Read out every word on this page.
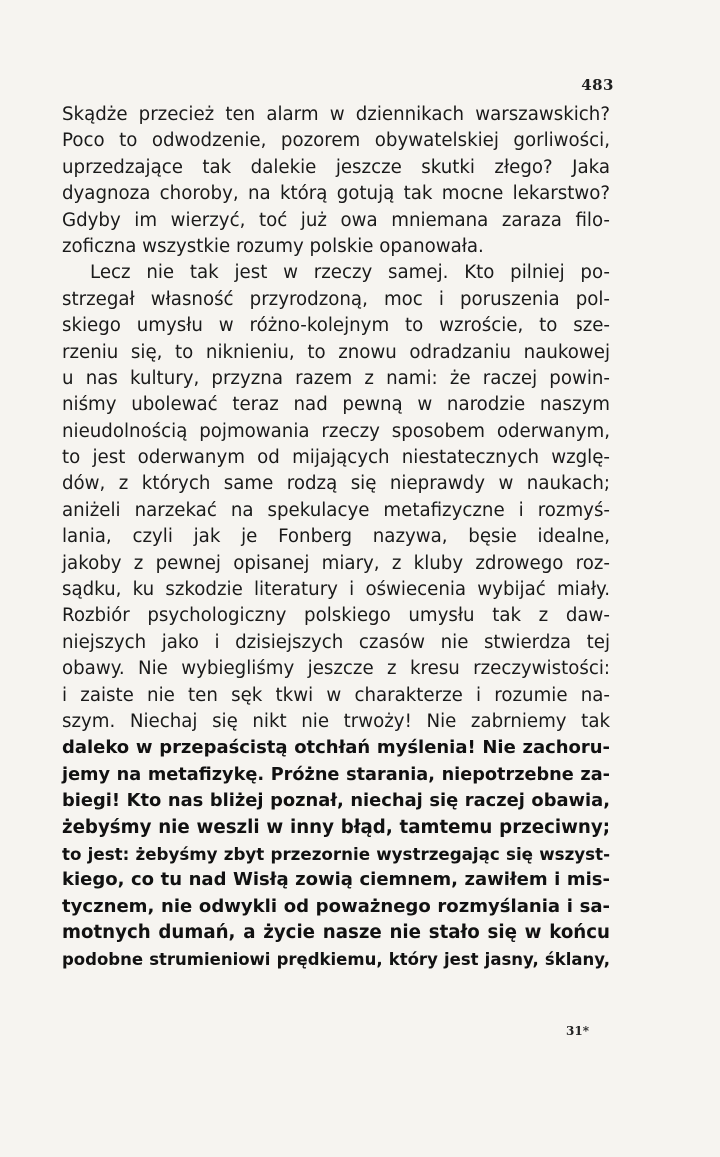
483
Skądże przecież ten alarm w dziennikach warszawskich?
Poco to odwodzenie, pozorem obywatelskiej gorliwości,
uprzedzające tak dalekie jeszcze skutki złego? Jaka
dyagnoza choroby, na którą gotują tak mocne lekarstwo?
Gdyby im wierzyć, toć już owa mniemana zaraza filo-
zoficzna wszystkie rozumy polskie opanowała.
Lecz nie tak jest w rzeczy samej. Kto pilniej po-
strzegał własność przyrodzoną, moc i poruszenia pol-
skiego umysłu w różno-kolejnym to wzroście, to sze-
rzeniu się, to niknieniu, to znowu odradzaniu naukowej
u nas kultury, przyzna razem z nami: że raczej powin-
niśmy ubolewać teraz nad pewną w narodzie naszym
nieudolnością pojmowania rzeczy sposobem oderwanym,
to jest oderwanym od mijających niestatecznych wzglę-
dów, z których same rodzą się nieprawdy w naukach;
aniżeli narzekać na spekulacye metafizyczne i rozmyś-
lania, czyli jak je Fonberg nazywa, bęsie idealne,
jakoby z pewnej opisanej miary, z kluby zdrowego roz-
sądku, ku szkodzie literatury i oświecenia wybijać miały.
Rozbiór psychologiczny polskiego umysłu tak z daw-
niejszych jako i dzisiejszych czasów nie stwierdza tej
obawy. Nie wybiegliśmy jeszcze z kresu rzeczywistości:
i zaiste nie ten sęk tkwi w charakterze i rozumie na-
szym. Niechaj się nikt nie trwoży! Nie zabrniemy tak
daleko w przepaścistą otchłań myślenia! Nie zachoru-
jemy na metafizykę. Próżne starania, niepotrzebne za-
biegi! Kto nas bliżej poznał, niechaj się raczej obawia,
żebyśmy nie weszli w inny błąd, tamtemu przeciwny;
to jest: żebyśmy zbyt przezornie wystrzegając się wszyst-
kiego, co tu nad Wisłą zowią ciemnem, zawiłem i mis-
tycznem, nie odwykli od poważnego rozmyślania i sa-
motnych dumań, a życie nasze nie stało się w końcu
podobne strumieniowi prędkiemu, który jest jasny, śklany,
31*
